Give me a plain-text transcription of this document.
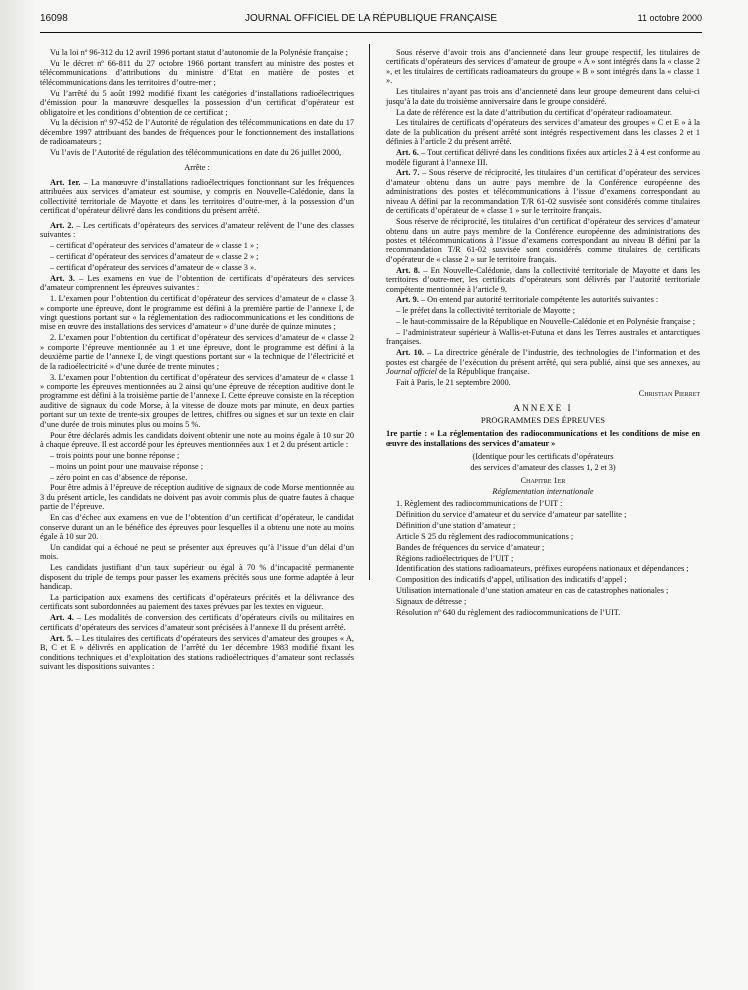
16098	JOURNAL OFFICIEL DE LA RÉPUBLIQUE FRANÇAISE	11 octobre 2000

Vu la loi nº 96-312 du 12 avril 1996 portant statut d’autonomie de la Polynésie française ;

Vu le décret nº 66-811 du 27 octobre 1966 portant transfert au ministre des postes et télécommunications d’attributions du ministre d’Etat en matière de postes et télécommunications dans les territoires d’outre-mer ;

Vu l’arrêté du 5 août 1992 modifié fixant les catégories d’installations radioélectriques d’émission pour la manœuvre desquelles la possession d’un certificat d’opérateur est obligatoire et les conditions d’obtention de ce certificat ;

Vu la décision nº 97-452 de l’Autorité de régulation des télécommunications en date du 17 décembre 1997 attribuant des bandes de fréquences pour le fonctionnement des installations de radioamateurs ;

Vu l’avis de l’Autorité de régulation des télécommunications en date du 26 juillet 2000,

Arrête :

Art. 1er. – La manœuvre d’installations radioélectriques fonctionnant sur les fréquences attribuées aux services d’amateur est soumise, y compris en Nouvelle-Calédonie, dans la collectivité territoriale de Mayotte et dans les territoires d’outre-mer, à la possession d’un certificat d’opérateur délivré dans les conditions du présent arrêté.

Art. 2. – Les certificats d’opérateurs des services d’amateur relèvent de l’une des classes suivantes :

– certificat d’opérateur des services d’amateur de « classe 1 » ;

– certificat d’opérateur des services d’amateur de « classe 2 » ;

– certificat d’opérateur des services d’amateur de « classe 3 ».

Art. 3. – Les examens en vue de l’obtention de certificats d’opérateurs des services d’amateur comprennent les épreuves suivantes :

1. L’examen pour l’obtention du certificat d’opérateur des services d’amateur de « classe 3 » comporte une épreuve, dont le programme est défini à la première partie de l’annexe I, de vingt questions portant sur « la réglementation des radiocommunications et les conditions de mise en œuvre des installations des services d’amateur » d’une durée de quinze minutes ;

2. L’examen pour l’obtention du certificat d’opérateur des services d’amateur de « classe 2 » comporte l’épreuve mentionnée au 1 et une épreuve, dont le programme est défini à la deuxième partie de l’annexe I, de vingt questions portant sur « la technique de l’électricité et de la radioélectricité » d’une durée de trente minutes ;

3. L’examen pour l’obtention du certificat d’opérateur des services d’amateur de « classe 1 » comporte les épreuves mentionnées au 2 ainsi qu’une épreuve de réception auditive dont le programme est défini à la troisième partie de l’annexe I. Cette épreuve consiste en la réception auditive de signaux du code Morse, à la vitesse de douze mots par minute, en deux parties portant sur un texte de trente-six groupes de lettres, chiffres ou signes et sur un texte en clair d’une durée de trois minutes plus ou moins 5 %.

Pour être déclarés admis les candidats doivent obtenir une note au moins égale à 10 sur 20 à chaque épreuve. Il est accordé pour les épreuves mentionnées aux 1 et 2 du présent article :

– trois points pour une bonne réponse ;

– moins un point pour une mauvaise réponse ;

– zéro point en cas d’absence de réponse.

Pour être admis à l’épreuve de réception auditive de signaux de code Morse mentionnée au 3 du présent article, les candidats ne doivent pas avoir commis plus de quatre fautes à chaque partie de l’épreuve.

En cas d’échec aux examens en vue de l’obtention d’un certificat d’opérateur, le candidat conserve durant un an le bénéfice des épreuves pour lesquelles il a obtenu une note au moins égale à 10 sur 20.

Un candidat qui a échoué ne peut se présenter aux épreuves qu’à l’issue d’un délai d’un mois.

Les candidats justifiant d’un taux supérieur ou égal à 70 % d’incapacité permanente disposent du triple de temps pour passer les examens précités sous une forme adaptée à leur handicap.

La participation aux examens des certificats d’opérateurs précités et la délivrance des certificats sont subordonnées au paiement des taxes prévues par les textes en vigueur.

Art. 4. – Les modalités de conversion des certificats d’opérateurs civils ou militaires en certificats d’opérateurs des services d’amateur sont précisées à l’annexe II du présent arrêté.

Art. 5. – Les titulaires des certificats d’opérateurs des services d’amateur des groupes « A, B, C et E » délivrés en application de l’arrêté du 1er décembre 1983 modifié fixant les conditions techniques et d’exploitation des stations radioélectriques d’amateur sont reclassés suivant les dispositions suivantes :

Sous réserve d’avoir trois ans d’ancienneté dans leur groupe respectif, les titulaires de certificats d’opérateurs des services d’amateur de groupe « A » sont intégrés dans la « classe 2 », et les titulaires de certificats radioamateurs du groupe « B » sont intégrés dans la « classe 1 ».

Les titulaires n’ayant pas trois ans d’ancienneté dans leur groupe demeurent dans celui-ci jusqu’à la date du troisième anniversaire dans le groupe considéré.

La date de référence est la date d’attribution du certificat d’opérateur radioamateur.

Les titulaires de certificats d’opérateurs des services d’amateur des groupes « C et E » à la date de la publication du présent arrêté sont intégrés respectivement dans les classes 2 et 1 définies à l’article 2 du présent arrêté.

Art. 6. – Tout certificat délivré dans les conditions fixées aux articles 2 à 4 est conforme au modèle figurant à l’annexe III.

Art. 7. – Sous réserve de réciprocité, les titulaires d’un certificat d’opérateur des services d’amateur obtenu dans un autre pays membre de la Conférence européenne des administrations des postes et télécommunications à l’issue d’examens correspondant au niveau A défini par la recommandation T/R 61-02 susvisée sont considérés comme titulaires de certificats d’opérateur de « classe 1 » sur le territoire français.

Sous réserve de réciprocité, les titulaires d’un certificat d’opérateur des services d’amateur obtenu dans un autre pays membre de la Conférence européenne des administrations des postes et télécommunications à l’issue d’examens correspondant au niveau B défini par la recommandation T/R 61-02 susvisée sont considérés comme titulaires de certificats d’opérateur de « classe 2 » sur le territoire français.

Art. 8. – En Nouvelle-Calédonie, dans la collectivité territoriale de Mayotte et dans les territoires d’outre-mer, les certificats d’opérateurs sont délivrés par l’autorité territoriale compétente mentionnée à l’article 9.

Art. 9. – On entend par autorité territoriale compétente les autorités suivantes :

– le préfet dans la collectivité territoriale de Mayotte ;

– le haut-commissaire de la République en Nouvelle-Calédonie et en Polynésie française ;

– l’administrateur supérieur à Wallis-et-Futuna et dans les Terres australes et antarctiques françaises.

Art. 10. – La directrice générale de l’industrie, des technologies de l’information et des postes est chargée de l’exécution du présent arrêté, qui sera publié, ainsi que ses annexes, au Journal officiel de la République française.

Fait à Paris, le 21 septembre 2000.

Christian Pierret

ANNEXE I
PROGRAMMES DES ÉPREUVES

1re partie : « La réglementation des radiocommunications et les conditions de mise en œuvre des installations des services d’amateur »

(Identique pour les certificats d’opérateurs

des services d’amateur des classes 1, 2 et 3)

Chapitre 1er
Réglementation internationale

1. Règlement des radiocommunications de l’UIT :

Définition du service d’amateur et du service d’amateur par satellite ;

Définition d’une station d’amateur ;

Article S 25 du règlement des radiocommunications ;

Bandes de fréquences du service d’amateur ;

Régions radioélectriques de l’UIT ;

Identification des stations radioamateurs, préfixes européens nationaux et dépendances ;

Composition des indicatifs d’appel, utilisation des indicatifs d’appel ;

Utilisation internationale d’une station amateur en cas de catastrophes nationales ;

Signaux de détresse ;

Résolution nº 640 du règlement des radiocommunications de l’UIT.
